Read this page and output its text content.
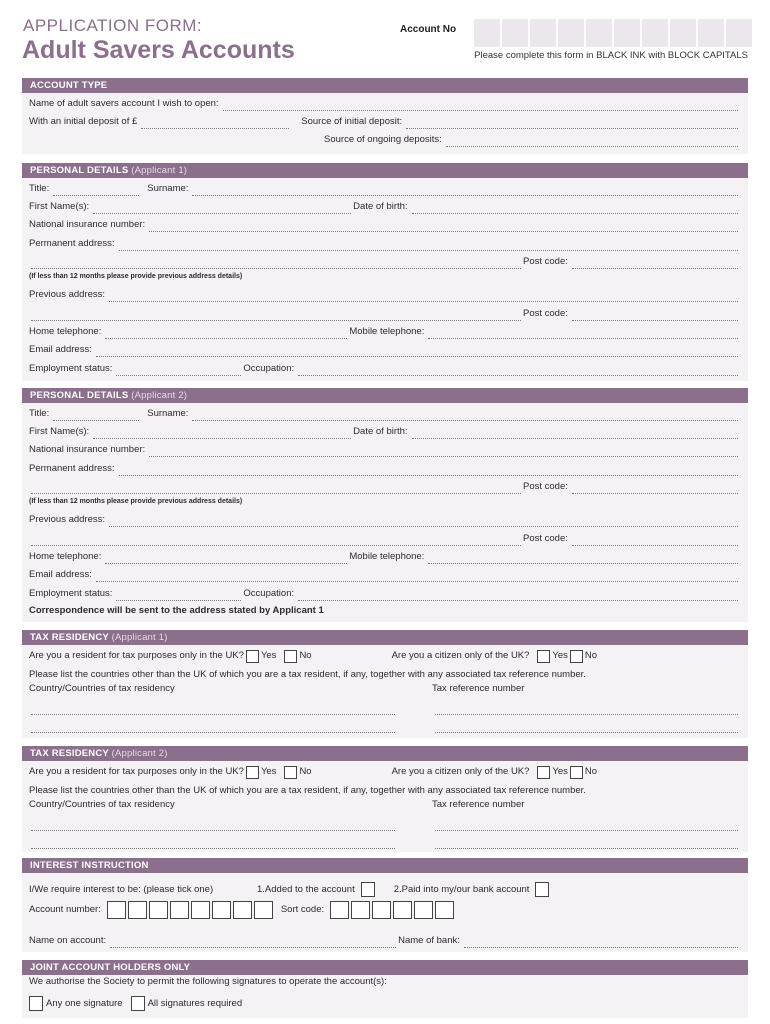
APPLICATION FORM:
Adult Savers Accounts
Account No
Please complete this form in BLACK INK with BLOCK CAPITALS
ACCOUNT TYPE
Name of adult savers account I wish to open:
With an initial deposit of £	Source of initial deposit:
Source of ongoing deposits:
PERSONAL DETAILS (Applicant 1)
Title:	Surname:
First Name(s):	Date of birth:
National insurance number:
Permanent address:
Post code:
(If less than 12 months please provide previous address details)
Previous address:
Post code:
Home telephone:	Mobile telephone:
Email address:
Employment status:	Occupation:
PERSONAL DETAILS (Applicant 2)
Title:	Surname:
First Name(s):	Date of birth:
National insurance number:
Permanent address:
Post code:
(If less than 12 months please provide previous address details)
Previous address:
Post code:
Home telephone:	Mobile telephone:
Email address:
Employment status:	Occupation:
Correspondence will be sent to the address stated by Applicant 1
TAX RESIDENCY (Applicant 1)
Are you a resident for tax purposes only in the UK? Yes No	Are you a citizen only of the UK? Yes No
Please list the countries other than the UK of which you are a tax resident, if any, together with any associated tax reference number.
Country/Countries of tax residency	Tax reference number
TAX RESIDENCY (Applicant 2)
Are you a resident for tax purposes only in the UK? Yes No	Are you a citizen only of the UK? Yes No
Please list the countries other than the UK of which you are a tax resident, if any, together with any associated tax reference number.
Country/Countries of tax residency	Tax reference number
INTEREST INSTRUCTION
I/We require interest to be: (please tick one)	1.Added to the account	2.Paid into my/our bank account
Account number:	Sort code:
Name on account:	Name of bank:
JOINT ACCOUNT HOLDERS ONLY
We authorise the Society to permit the following signatures to operate the account(s):
Any one signature	All signatures required
